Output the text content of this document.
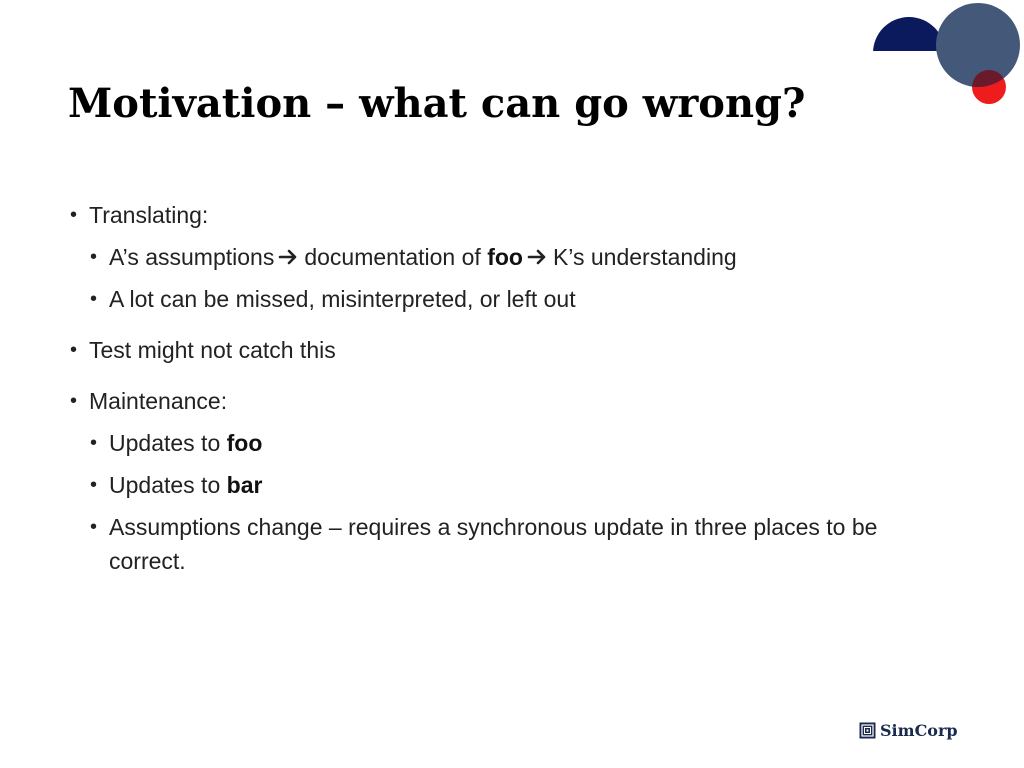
Motivation – what can go wrong?
• Translating:
• A’s assumptions documentation of foo K’s understanding
• A lot can be missed, misinterpreted, or left out
• Test might not catch this
• Maintenance:
• Updates to foo
• Updates to bar
• Assumptions change – requires a synchronous update in three places to be correct.
SimCorp
